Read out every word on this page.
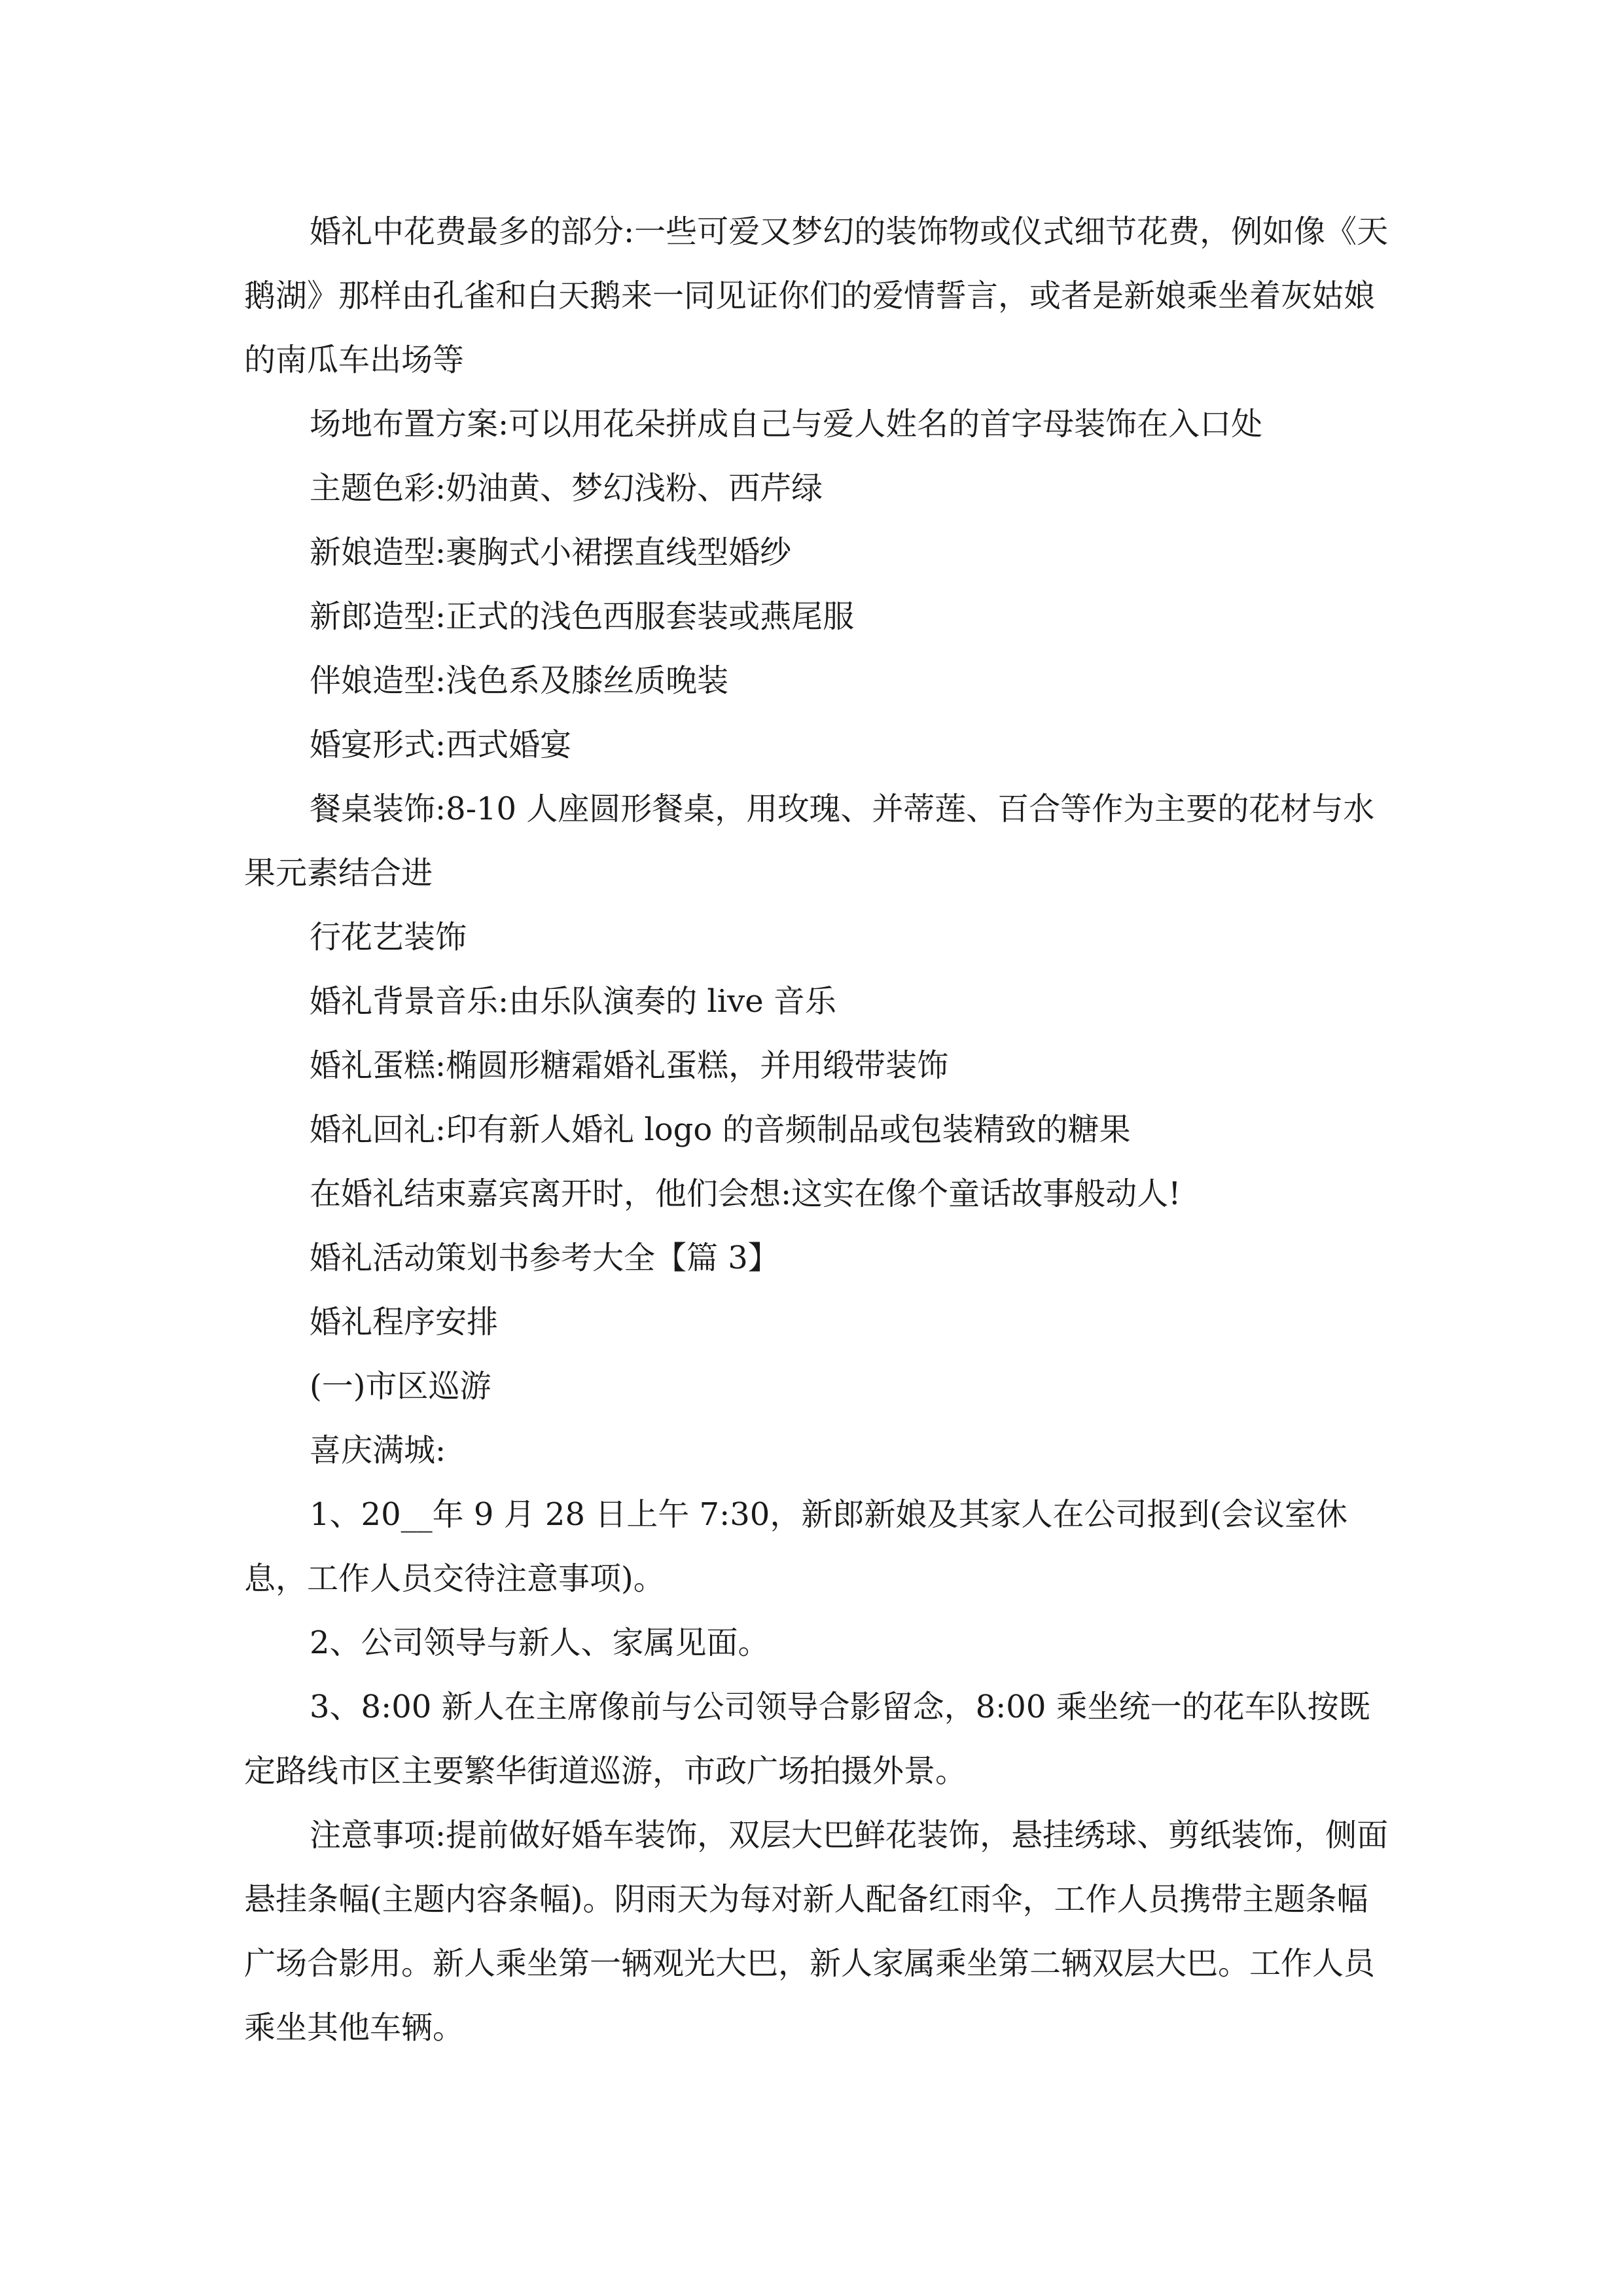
婚礼中花费最多的部分:一些可爱又梦幻的装饰物或仪式细节花费，例如像《天鹅湖》那样由孔雀和白天鹅来一同见证你们的爱情誓言，或者是新娘乘坐着灰姑娘的南瓜车出场等

场地布置方案:可以用花朵拼成自己与爱人姓名的首字母装饰在入口处

主题色彩:奶油黄、梦幻浅粉、西芹绿

新娘造型:裹胸式小裙摆直线型婚纱

新郎造型:正式的浅色西服套装或燕尾服

伴娘造型:浅色系及膝丝质晚装

婚宴形式:西式婚宴

餐桌装饰:8-10 人座圆形餐桌，用玫瑰、并蒂莲、百合等作为主要的花材与水果元素结合进

行花艺装饰

婚礼背景音乐:由乐队演奏的 live 音乐

婚礼蛋糕:椭圆形糖霜婚礼蛋糕，并用缎带装饰

婚礼回礼:印有新人婚礼 logo 的音频制品或包装精致的糖果

在婚礼结束嘉宾离开时，他们会想:这实在像个童话故事般动人!

婚礼活动策划书参考大全【篇 3】

婚礼程序安排

(一)市区巡游

喜庆满城:

1、20__年 9 月 28 日上午 7:30，新郎新娘及其家人在公司报到(会议室休息，工作人员交待注意事项)。

2、公司领导与新人、家属见面。

3、8:00 新人在主席像前与公司领导合影留念，8:00 乘坐统一的花车队按既定路线市区主要繁华街道巡游，市政广场拍摄外景。

注意事项:提前做好婚车装饰，双层大巴鲜花装饰，悬挂绣球、剪纸装饰，侧面悬挂条幅(主题内容条幅)。阴雨天为每对新人配备红雨伞，工作人员携带主题条幅广场合影用。新人乘坐第一辆观光大巴，新人家属乘坐第二辆双层大巴。工作人员乘坐其他车辆。
